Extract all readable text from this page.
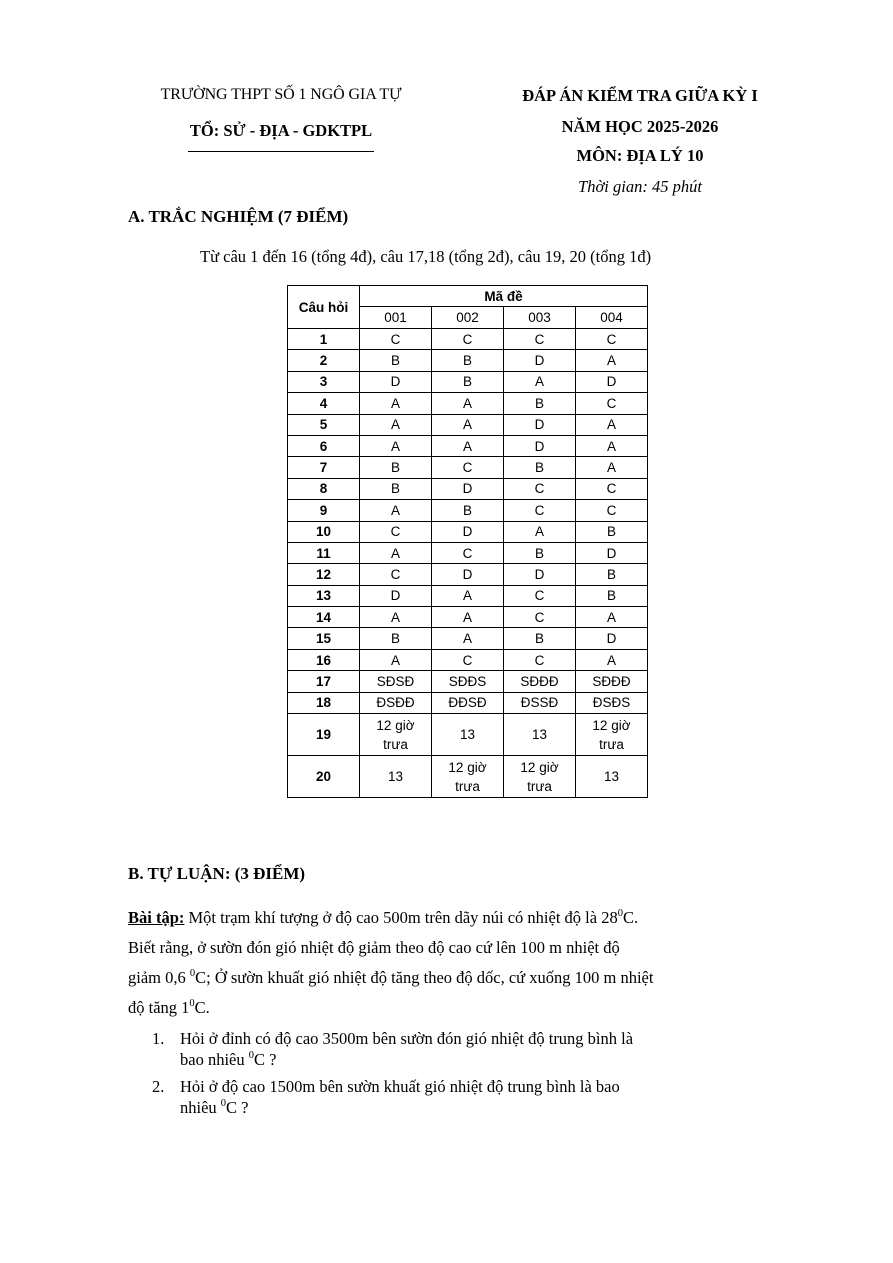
TRƯỜNG THPT SỐ 1 NGÔ GIA TỰ
TỔ: SỬ - ĐỊA - GDKTPL
ĐÁP ÁN KIỂM TRA GIỮA KỲ I
NĂM HỌC 2025-2026
MÔN: ĐỊA LÝ 10
Thời gian: 45 phút
A. TRẮC NGHIỆM (7 ĐIỂM)
Từ câu 1 đến 16 (tổng 4đ), câu 17,18 (tổng 2đ), câu 19, 20 (tổng 1đ)
Câu hỏi	Mã đề			
	001	002	003	004
1	C	C	C	C
2	B	B	D	A
3	D	B	A	D
4	A	A	B	C
5	A	A	D	A
6	A	A	D	A
7	B	C	B	A
8	B	D	C	C
9	A	B	C	C
10	C	D	A	B
11	A	C	B	D
12	C	D	D	B
13	D	A	C	B
14	A	A	C	A
15	B	A	B	D
16	A	C	C	A
17	SĐSĐ	SĐĐS	SĐĐĐ	SĐĐĐ
18	ĐSĐĐ	ĐĐSĐ	ĐSSĐ	ĐSĐS
19	12 giờ trưa	13	13	12 giờ trưa
20	13	12 giờ trưa	12 giờ trưa	13
B. TỰ LUẬN: (3 ĐIỂM)
Bài tập: Một trạm khí tượng ở độ cao 500m trên dãy núi có nhiệt độ là $28^0C$.
Biết rằng, ở sườn đón gió nhiệt độ giảm theo độ cao cứ lên 100 m nhiệt độ
giảm 0,6 $^0$C; Ở sườn khuất gió nhiệt độ tăng theo độ dốc, cứ xuống 100 m nhiệt
độ tăng $1^0C$.
1. Hỏi ở đỉnh có độ cao 3500m bên sườn đón gió nhiệt độ trung bình là
bao nhiêu $^0$C ?
2. Hỏi ở độ cao 1500m bên sườn khuất gió nhiệt độ trung bình là bao
nhiêu $^0$C ?
